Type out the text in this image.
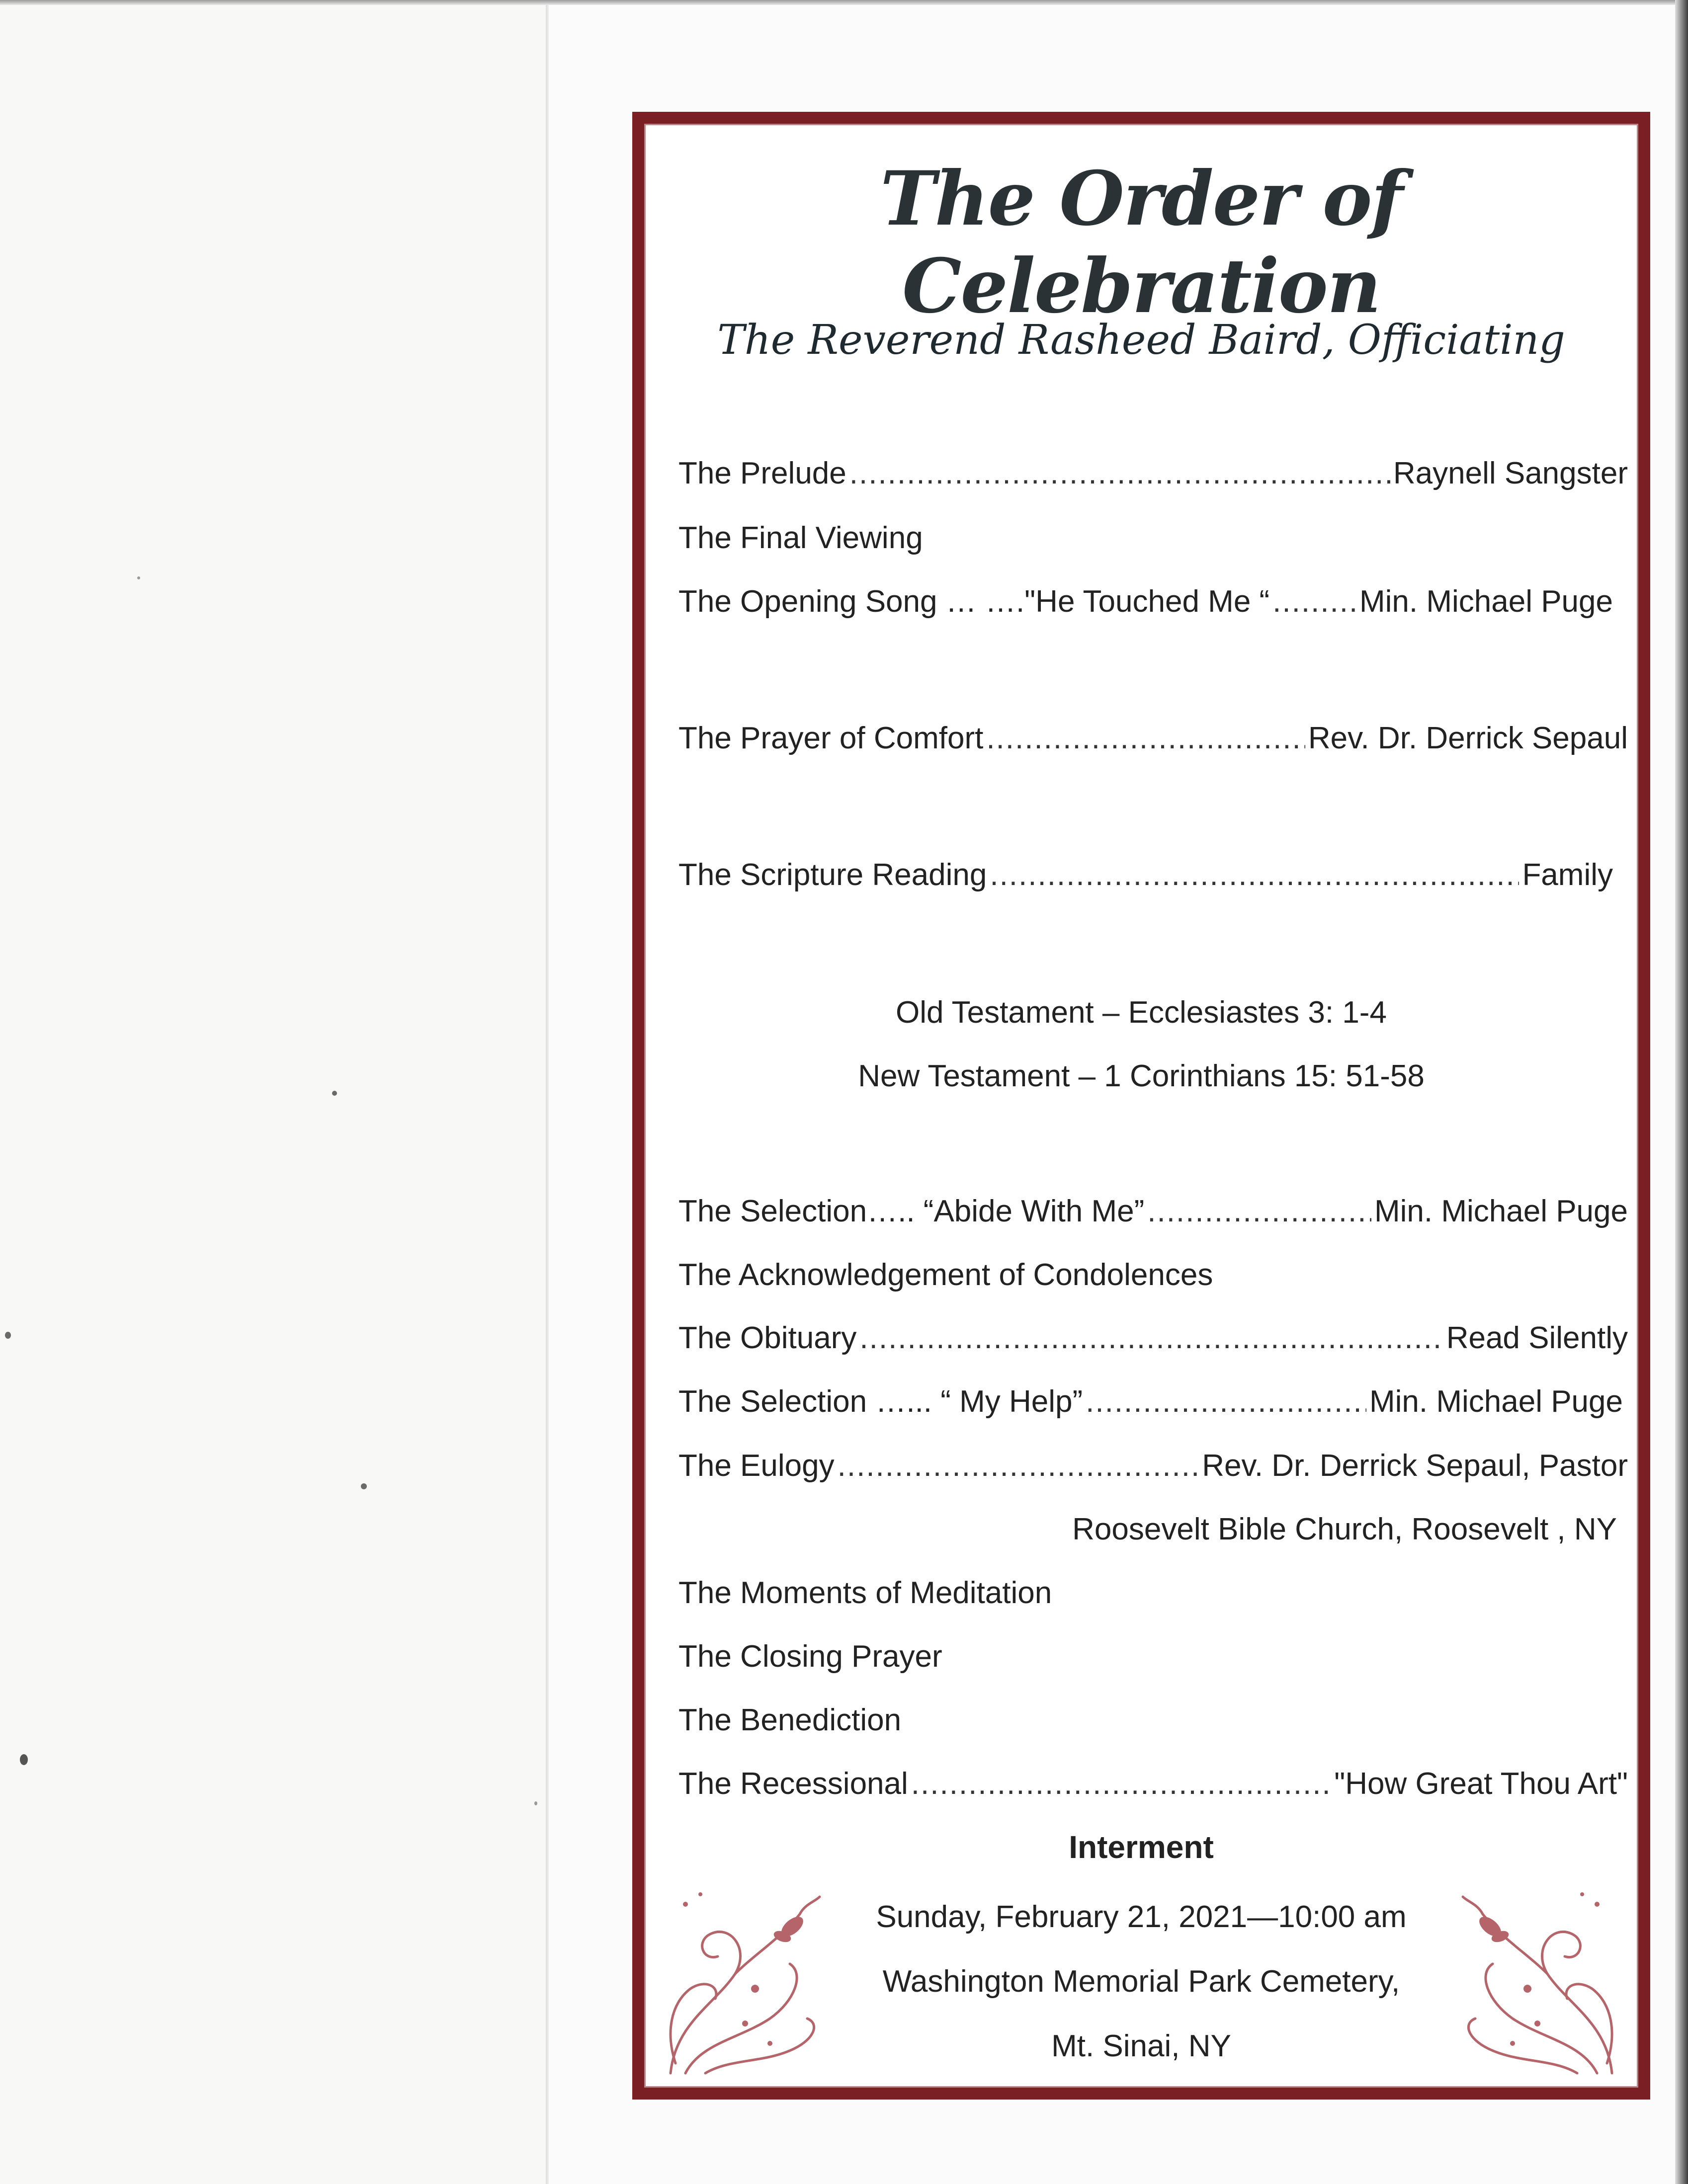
The Order of Celebration
The Reverend Rasheed Baird, Officiating
The Prelude .....	Raynell Sangster
The Final Viewing
The Opening Song … …."He Touched Me “ .....	Min. Michael Puge
The Prayer of Comfort .....	Rev. Dr. Derrick Sepaul
The Scripture Reading .....	Family
Old Testament – Ecclesiastes 3: 1-4
New Testament – 1 Corinthians 15: 51-58
The Selection….. “Abide With Me” .....	Min. Michael Puge
The Acknowledgement of Condolences
The Obituary .....	Read Silently
The Selection …... “ My Help” .....	Min. Michael Puge
The Eulogy .....	Rev. Dr. Derrick Sepaul, Pastor
Roosevelt Bible Church, Roosevelt , NY
The Moments of Meditation
The Closing Prayer
The Benediction
The Recessional .....	"How Great Thou Art"
Interment
Sunday, February 21, 2021—10:00 am
Washington Memorial Park Cemetery,
Mt. Sinai, NY
